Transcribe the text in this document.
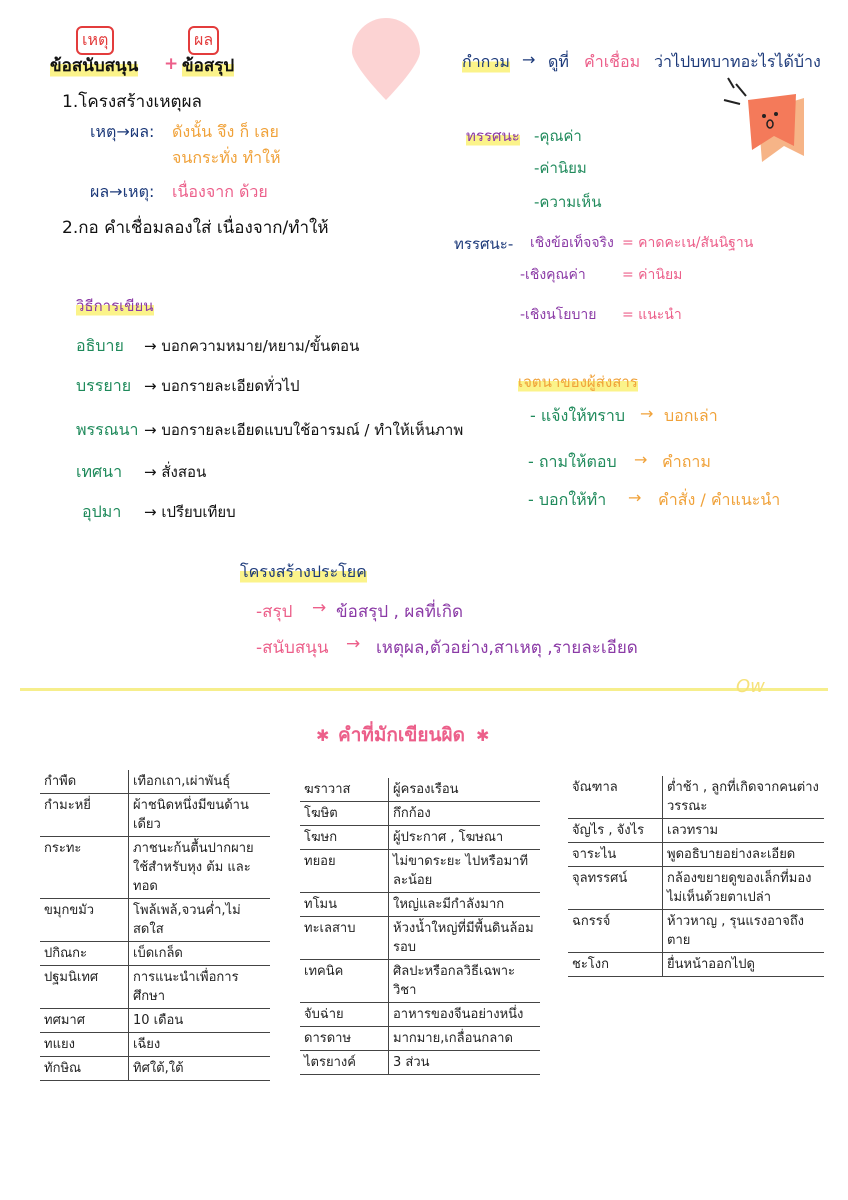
เหตุ	ผล
ข้อสนับสนุน + ข้อสรุป
1.โครงสร้างเหตุผล
เหตุ→ผล: ดังนั้น จึง ก็ เลย
จนกระทั่ง ทำให้
ผล→เหตุ: เนื่องจาก ด้วย
2.กอ คำเชื่อมลองใส่ เนื่องจาก/ทำให้
กำกวม → ดูที่ คำเชื่อม ว่าไปบทบาทอะไรได้บ้าง
ทรรศนะ -คุณค่า
-ค่านิยม
-ความเห็น
ทรรศนะ- เชิงข้อเท็จจริง = คาดคะเน/สันนิฐาน
-เชิงคุณค่า	= ค่านิยม
-เชิงนโยบาย = แนะนำ
เจตนาของผู้ส่งสาร
- แจ้งให้ทราบ → บอกเล่า
- ถามให้ตอบ → คำถาม
- บอกให้ทำ → คำสั่ง / คำแนะนำ
วิธีการเขียน
อธิบาย → บอกความหมาย/หยาม/ขั้นตอน
บรรยาย → บอกรายละเอียดทั่วไป
พรรณนา → บอกรายละเอียดแบบใช้อารมณ์ / ทำให้เห็นภาพ
เทศนา → สั่งสอน
อุปมา → เปรียบเทียบ
โครงสร้างประโยค
-สรุป → ข้อสรุป , ผลที่เกิด
-สนับสนุน → เหตุผล,ตัวอย่าง,สาเหตุ ,รายละเอียด
Ow
✱ คำที่มักเขียนผิด ✱
กำพืด	เทือกเถา,เผ่าพันธุ์
กำมะหยี่	ผ้าชนิดหนึ่งมีขนด้านเดียว
กระทะ	ภาชนะก้นตื้นปากผายใช้สำหรับหุง ต้ม และทอด
ขมุกขมัว	โพล้เพล้,จวนค่ำ,ไม่สดใส
ปกิณกะ	เบ็ดเกล็ด
ปฐมนิเทศ	การแนะนำเพื่อการศึกษา
ทศมาศ	10 เดือน
ทแยง	เฉียง
ทักษิณ	ทิศใต้,ใต้
ฆราวาส	ผู้ครองเรือน
โฆษิต	กึกก้อง
โฆษก	ผู้ประกาศ , โฆษณา
ทยอย	ไม่ขาดระยะ ไปหรือมาทีละน้อย
ทโมน	ใหญ่และมีกำลังมาก
ทะเลสาบ	ห้วงน้ำใหญ่ที่มีพื้นดินล้อมรอบ
เทคนิค	ศิลปะหรือกลวิธีเฉพาะวิชา
จับฉ่าย	อาหารของจีนอย่างหนึ่ง
ดารดาษ	มากมาย,เกลื่อนกลาด
ไตรยางค์	3 ส่วน
จัณฑาล	ต่ำช้า , ลูกที่เกิดจากคนต่างวรรณะ
จัญไร , จังไร	เลวทราม
จาระไน	พูดอธิบายอย่างละเอียด
จุลทรรศน์	กล้องขยายดูของเล็กที่มองไม่เห็นด้วยตาเปล่า
ฉกรรจ์	ห้าวหาญ , รุนแรงอาจถึงตาย
ชะโงก	ยื่นหน้าออกไปดู
